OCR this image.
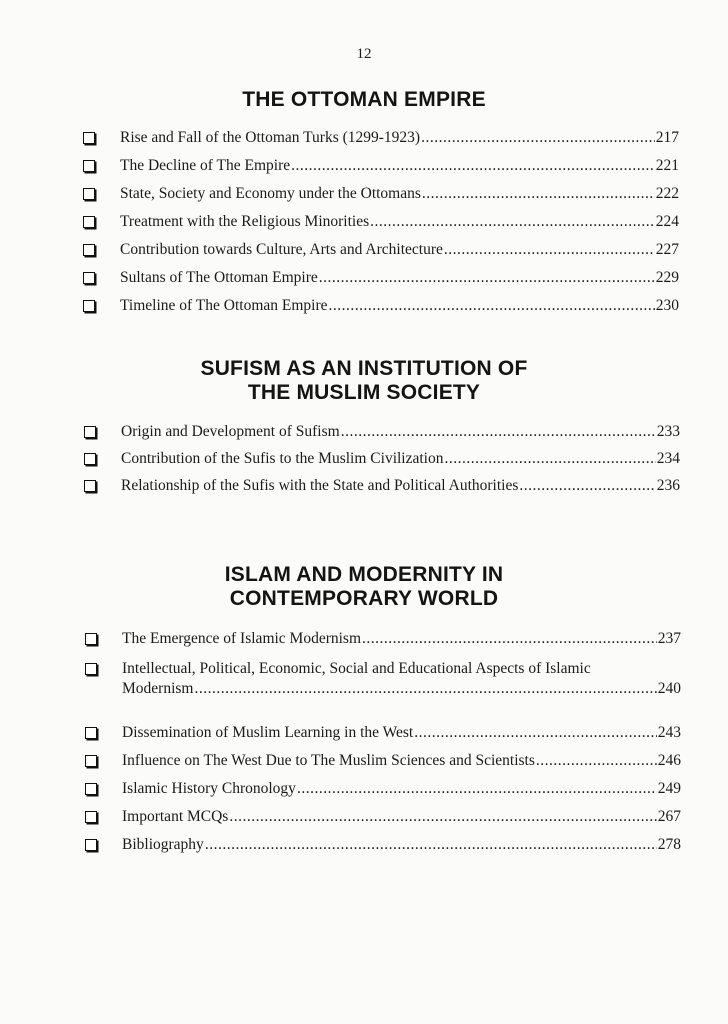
12
THE OTTOMAN EMPIRE
Rise and Fall of the Ottoman Turks (1299-1923) .....	217
The Decline of The Empire .....	221
State, Society and Economy under the Ottomans .....	222
Treatment with the Religious Minorities .....	224
Contribution towards Culture, Arts and Architecture .....	227
Sultans of The Ottoman Empire .....	229
Timeline of The Ottoman Empire .....	230
SUFISM AS AN INSTITUTION OF
THE MUSLIM SOCIETY
Origin and Development of Sufism .....	233
Contribution of the Sufis to the Muslim Civilization .....	234
Relationship of the Sufis with the State and Political Authorities .....	236
ISLAM AND MODERNITY IN
CONTEMPORARY WORLD
The Emergence of Islamic Modernism .....	237
Intellectual, Political, Economic, Social and Educational Aspects of Islamic
Modernism .....	240
Dissemination of Muslim Learning in the West .....	243
Influence on The West Due to The Muslim Sciences and Scientists .....	246
Islamic History Chronology .....	249
Important MCQs .....	267
Bibliography .....	278
